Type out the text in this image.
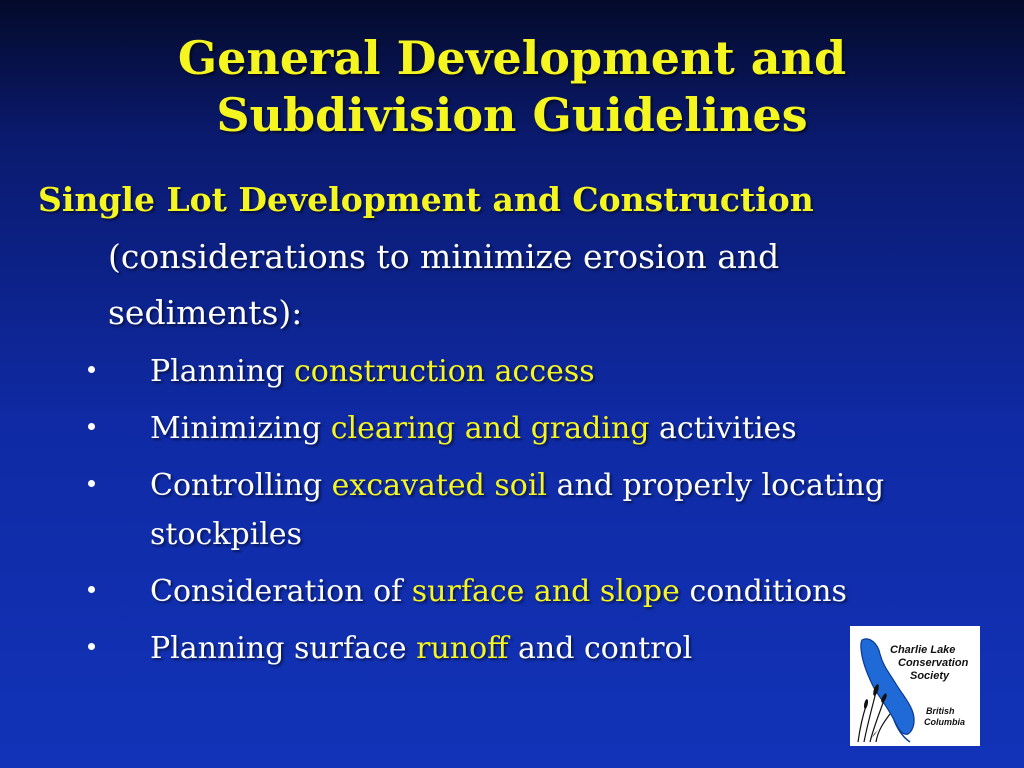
General Development and
Subdivision Guidelines
Single Lot Development and Construction
(considerations to minimize erosion and sediments):
Planning construction access
Minimizing clearing and grading activities
Controlling excavated soil and properly locating stockpiles
Consideration of surface and slope conditions
Planning surface runoff and control	Charlie Lake
Conservation
Society
British
Columbia
